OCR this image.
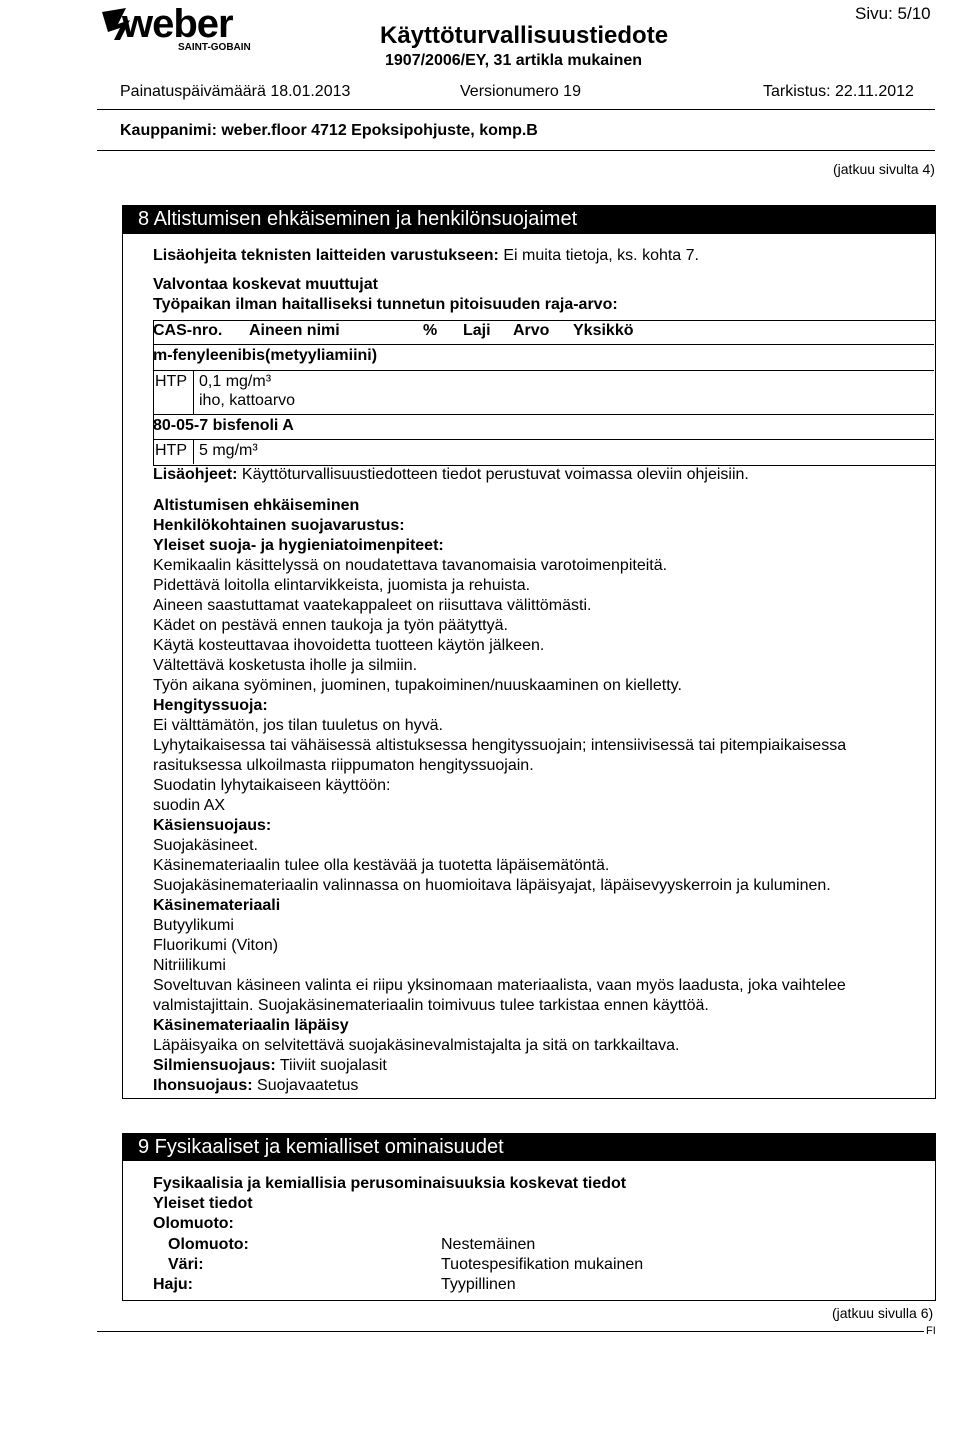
weber
SAINT-GOBAIN	Käyttöturvallisuustiedote
1907/2006/EY, 31 artikla mukainen
Sivu: 5/10
Painatuspäivämäärä 18.01.2013	Versionumero 19	Tarkistus: 22.11.2012
Kauppanimi: weber.floor 4712 Epoksipohjuste, komp.B
(jatkuu sivulta 4)
8 Altistumisen ehkäiseminen ja henkilönsuojaimet
Lisäohjeita teknisten laitteiden varustukseen: Ei muita tietoja, ks. kohta 7.
Valvontaa koskevat muuttujat
Työpaikan ilman haitalliseksi tunnetun pitoisuuden raja-arvo:
CAS-nro. Aineen nimi	% Laji Arvo Yksikkö
m-fenyleenibis(metyyliamiini)
HTP 0,1 mg/m³
iho, kattoarvo
80-05-7 bisfenoli A
HTP 5 mg/m³
Lisäohjeet: Käyttöturvallisuustiedotteen tiedot perustuvat voimassa oleviin ohjeisiin.
Altistumisen ehkäiseminen
Henkilökohtainen suojavarustus:
Yleiset suoja- ja hygieniatoimenpiteet:
Kemikaalin käsittelyssä on noudatettava tavanomaisia varotoimenpiteitä.
Pidettävä loitolla elintarvikkeista, juomista ja rehuista.
Aineen saastuttamat vaatekappaleet on riisuttava välittömästi.
Kädet on pestävä ennen taukoja ja työn päätyttyä.
Käytä kosteuttavaa ihovoidetta tuotteen käytön jälkeen.
Vältettävä kosketusta iholle ja silmiin.
Työn aikana syöminen, juominen, tupakoiminen/nuuskaaminen on kielletty.
Hengityssuoja:
Ei välttämätön, jos tilan tuuletus on hyvä.
Lyhytaikaisessa tai vähäisessä altistuksessa hengityssuojain; intensiivisessä tai pitempiaikaisessa
rasituksessa ulkoilmasta riippumaton hengityssuojain.
Suodatin lyhytaikaiseen käyttöön:
suodin AX
Käsiensuojaus:
Suojakäsineet.
Käsinemateriaalin tulee olla kestävää ja tuotetta läpäisemätöntä.
Suojakäsinemateriaalin valinnassa on huomioitava läpäisyajat, läpäisevyyskerroin ja kuluminen.
Käsinemateriaali
Butyylikumi
Fluorikumi (Viton)
Nitriilikumi
Soveltuvan käsineen valinta ei riipu yksinomaan materiaalista, vaan myös laadusta, joka vaihtelee
valmistajittain. Suojakäsinemateriaalin toimivuus tulee tarkistaa ennen käyttöä.
Käsinemateriaalin läpäisy
Läpäisyaika on selvitettävä suojakäsinevalmistajalta ja sitä on tarkkailtava.
Silmiensuojaus: Tiiviit suojalasit
Ihonsuojaus: Suojavaatetus
9 Fysikaaliset ja kemialliset ominaisuudet
Fysikaalisia ja kemiallisia perusominaisuuksia koskevat tiedot
Yleiset tiedot
Olomuoto:
Olomuoto:	Nestemäinen
Väri:	Tuotespesifikation mukainen
Haju:	Tyypillinen
(jatkuu sivulla 6)
FI
